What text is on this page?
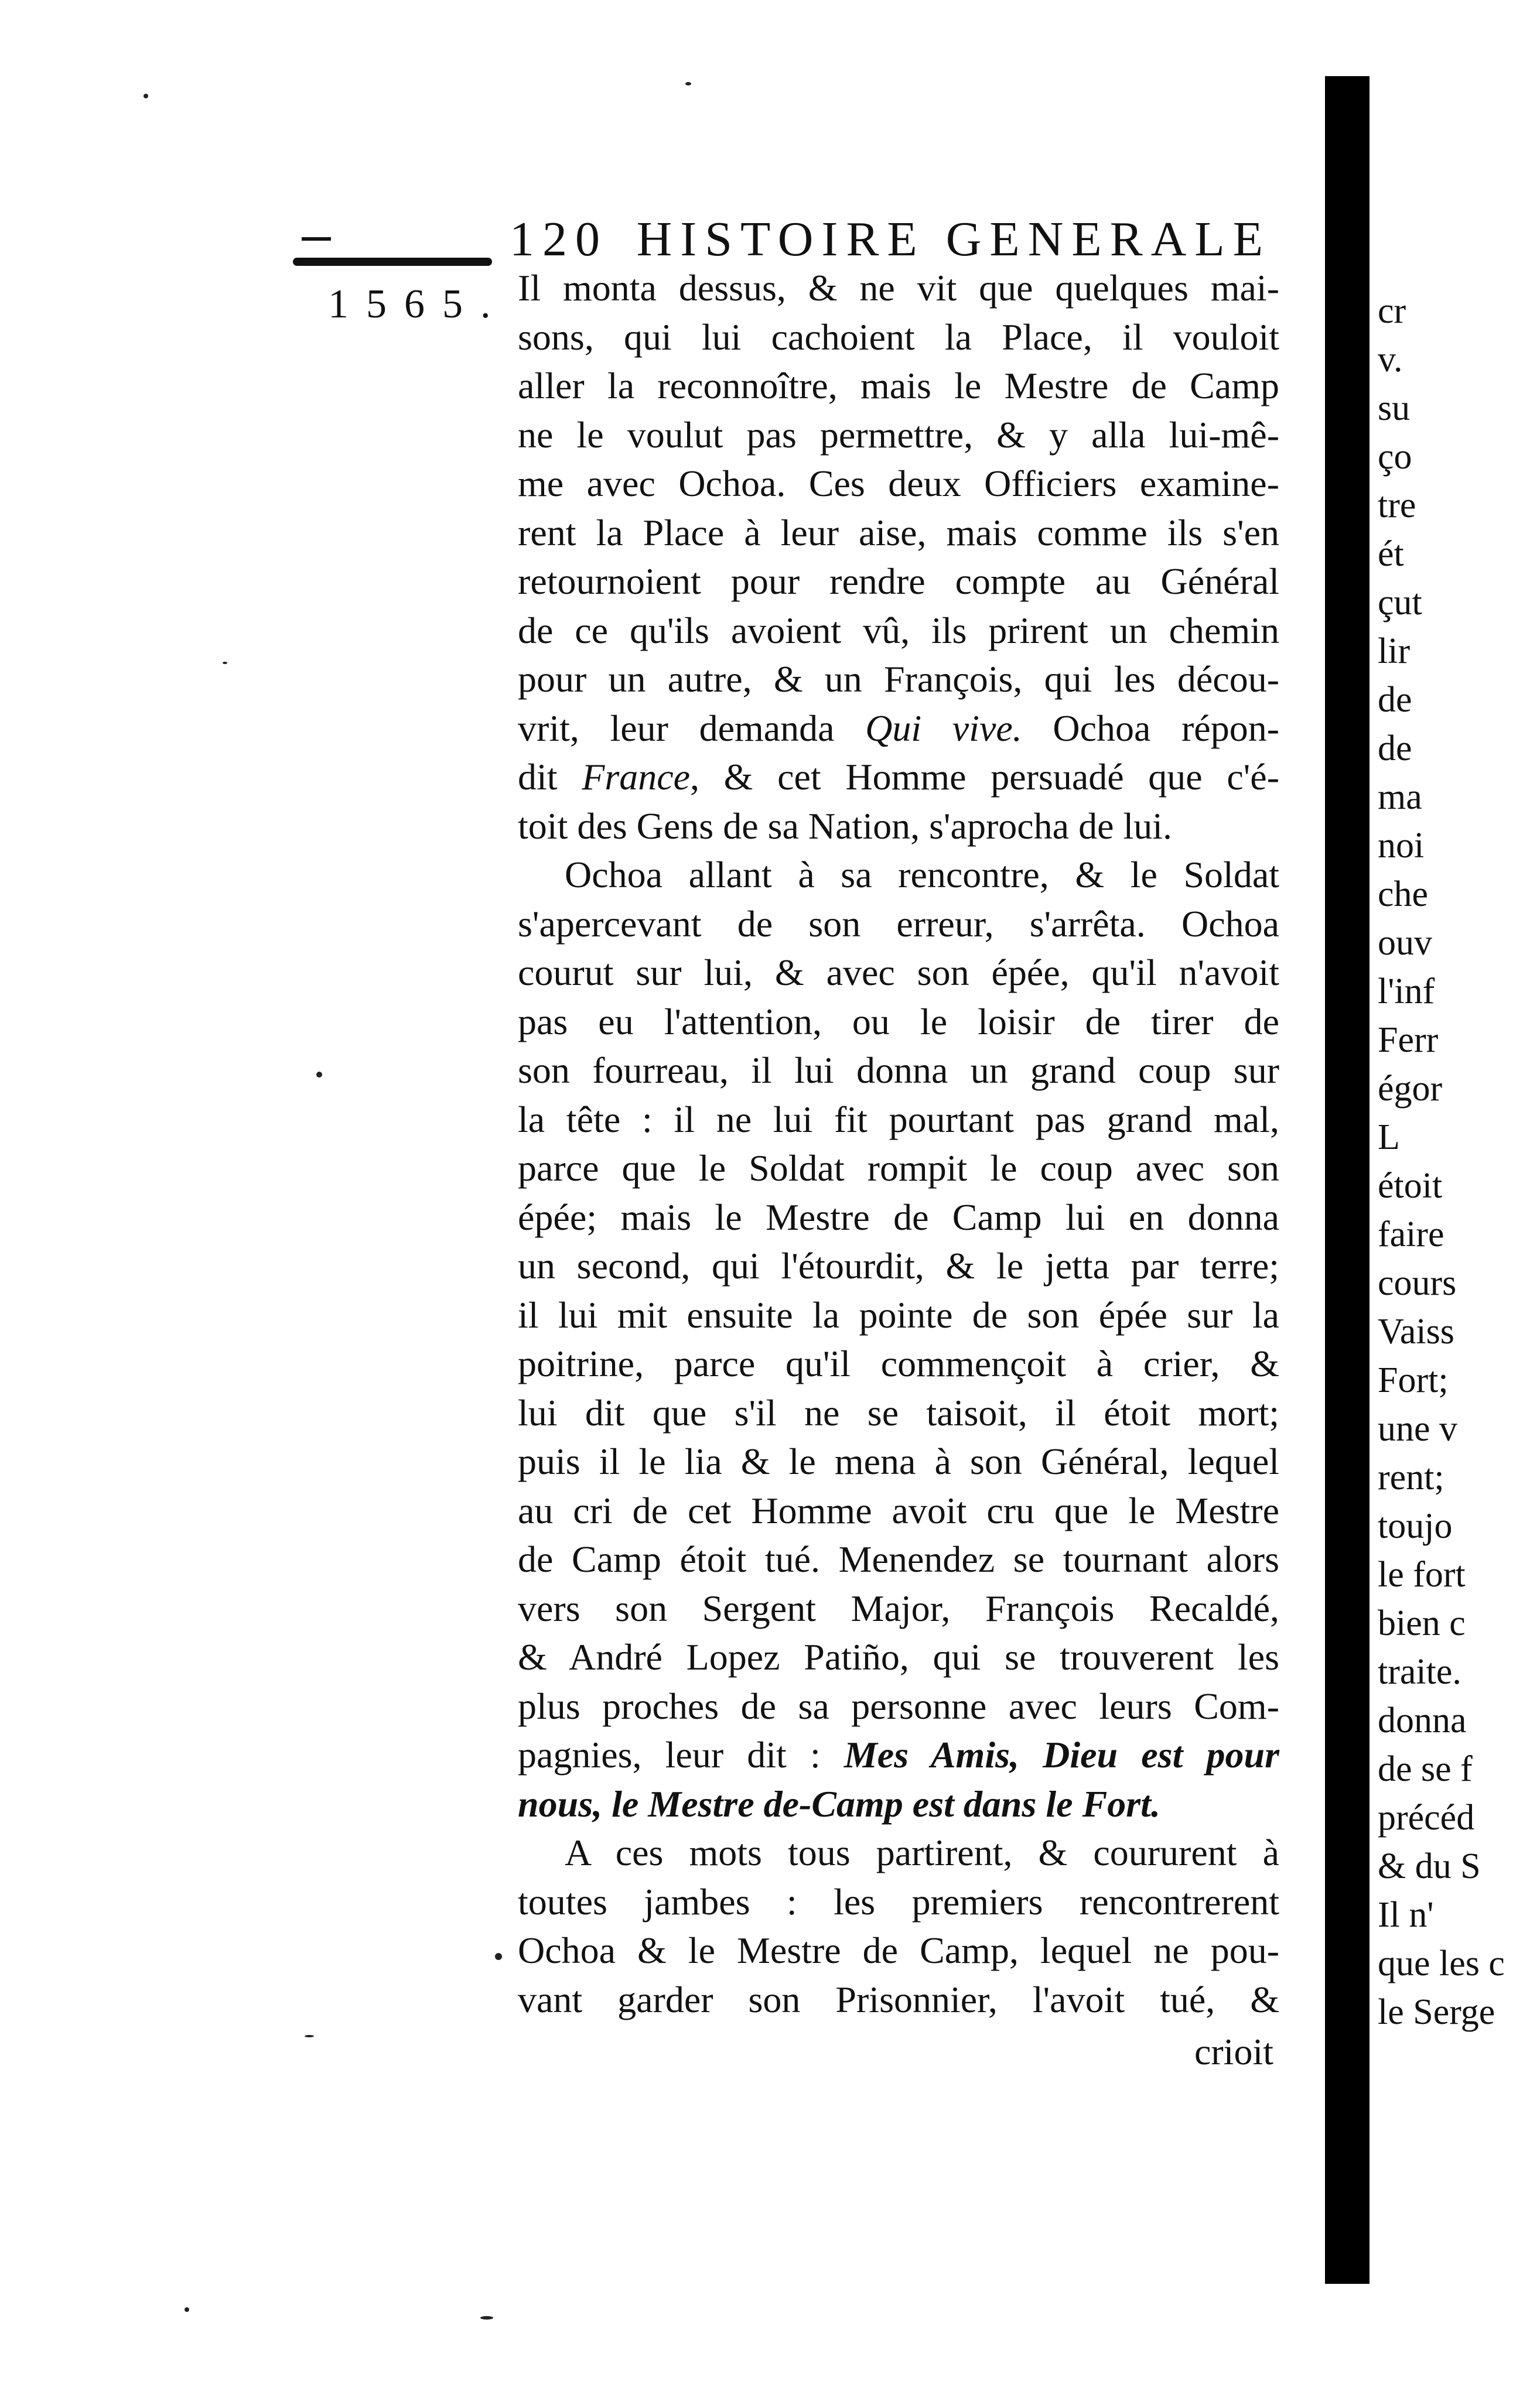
120 HISTOIRE GENERALE
1565. Il monta dessus, & ne vit que quelques mai-
sons, qui lui cachoient la Place, il vouloit
aller la reconnoître, mais le Mestre de Camp
ne le voulut pas permettre, & y alla lui-mê-
me avec Ochoa. Ces deux Officiers examine-
rent la Place à leur aise, mais comme ils s'en
retournoient pour rendre compte au Général
de ce qu'ils avoient vû, ils prirent un chemin
pour un autre, & un François, qui les décou-
vrit, leur demanda Qui vive. Ochoa répon-
dit France, & cet Homme persuadé que c'é-
toit des Gens de sa Nation, s'aprocha de lui.
Ochoa allant à sa rencontre, & le Soldat
s'apercevant de son erreur, s'arrêta. Ochoa
courut sur lui, & avec son épée, qu'il n'avoit
pas eu l'attention, ou le loisir de tirer de
son fourreau, il lui donna un grand coup sur
la tête : il ne lui fit pourtant pas grand mal,
parce que le Soldat rompit le coup avec son
épée; mais le Mestre de Camp lui en donna
un second, qui l'étourdit, & le jetta par terre;
il lui mit ensuite la pointe de son épée sur la
poitrine, parce qu'il commençoit à crier, &
lui dit que s'il ne se taisoit, il étoit mort;
puis il le lia & le mena à son Général, lequel
au cri de cet Homme avoit cru que le Mestre
de Camp étoit tué. Menendez se tournant alors
vers son Sergent Major, François Recaldé,
& André Lopez Patiño, qui se trouverent les
plus proches de sa personne avec leurs Com-
pagnies, leur dit : Mes Amis, Dieu est pour
nous, le Mestre de-Camp est dans le Fort.
A ces mots tous partirent, & coururent à
toutes jambes : les premiers rencontrerent
Ochoa & le Mestre de Camp, lequel ne pou-
vant garder son Prisonnier, l'avoit tué, &
crioit
cr
v.
su
ço
tre
ét
çut
lir
de
de
ma
noi
che
ouv
l'inf
Ferr
égor
L
étoit
faire
cours
Vaiss
Fort;
une v
rent;
toujo
le fort
bien c
traite.
donna
de se f
précéd
& du S
Il n'
que les c
le Serge
